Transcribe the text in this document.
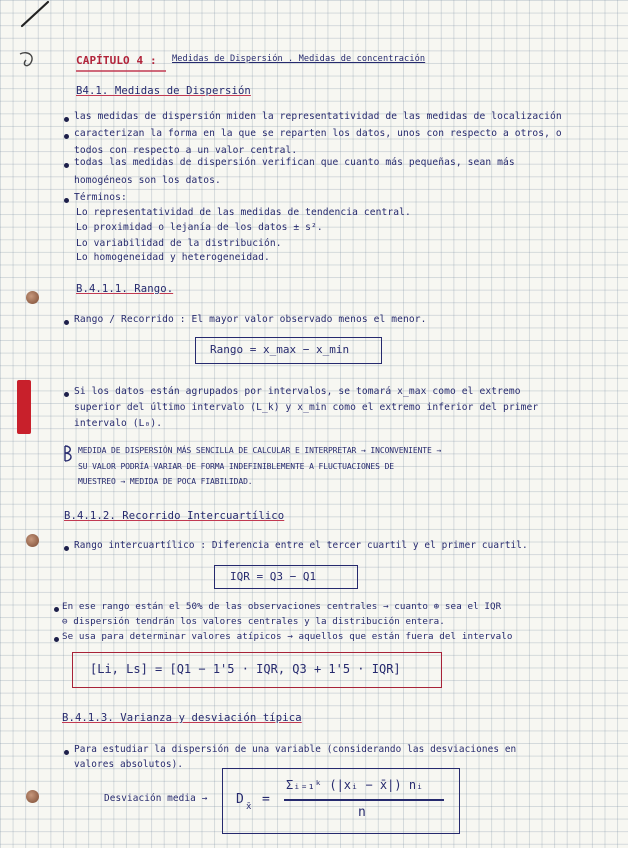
CAPÍTULO 4 : Medidas de Dispersión . Medidas de concentración
B4.1. Medidas de Dispersión
las medidas de dispersión miden la representatividad de las medidas de localización
caracterizan la forma en la que se reparten los datos, unos con respecto a otros, o
todos con respecto a un valor central.
todas las medidas de dispersión verifican que cuanto más pequeñas, sean más
homogéneos son los datos.
Términos:
Lo representatividad de las medidas de tendencia central.
Lo proximidad o lejanía de los datos ± s².
Lo variabilidad de la distribución.
Lo homogeneidad y heterogeneidad.
B.4.1.1. Rango.
Rango / Recorrido : El mayor valor observado menos el menor.
Rango = x_max − x_min
Si los datos están agrupados por intervalos, se tomará x_max como el extremo
superior del último intervalo (L_k) y x_min como el extremo inferior del primer
intervalo (L₀).
MEDIDA DE DISPERSIÓN MÁS SENCILLA DE CALCULAR E INTERPRETAR → INCONVENIENTE →
SU VALOR PODRÍA VARIAR DE FORMA INDEFINIBLEMENTE A FLUCTUACIONES DE
MUESTREO → MEDIDA DE POCA FIABILIDAD.
B.4.1.2. Recorrido Intercuartílico
Rango intercuartílico : Diferencia entre el tercer cuartil y el primer cuartil.
IQR = Q3 − Q1
En ese rango están el 50% de las observaciones centrales → cuanto ⊕ sea el IQR
⊖ dispersión tendrán los valores centrales y la distribución entera.
Se usa para determinar valores atípicos → aquellos que están fuera del intervalo
[Li, Ls] = [Q1 − 1'5 · IQR, Q3 + 1'5 · IQR]
B.4.1.3. Varianza y desviación típica
Para estudiar la dispersión de una variable (considerando las desviaciones en
valores absolutos).
Desviación media → D x̄ =
Σᵢ₌₁ᵏ (|xᵢ − x̄|) nᵢ
n
